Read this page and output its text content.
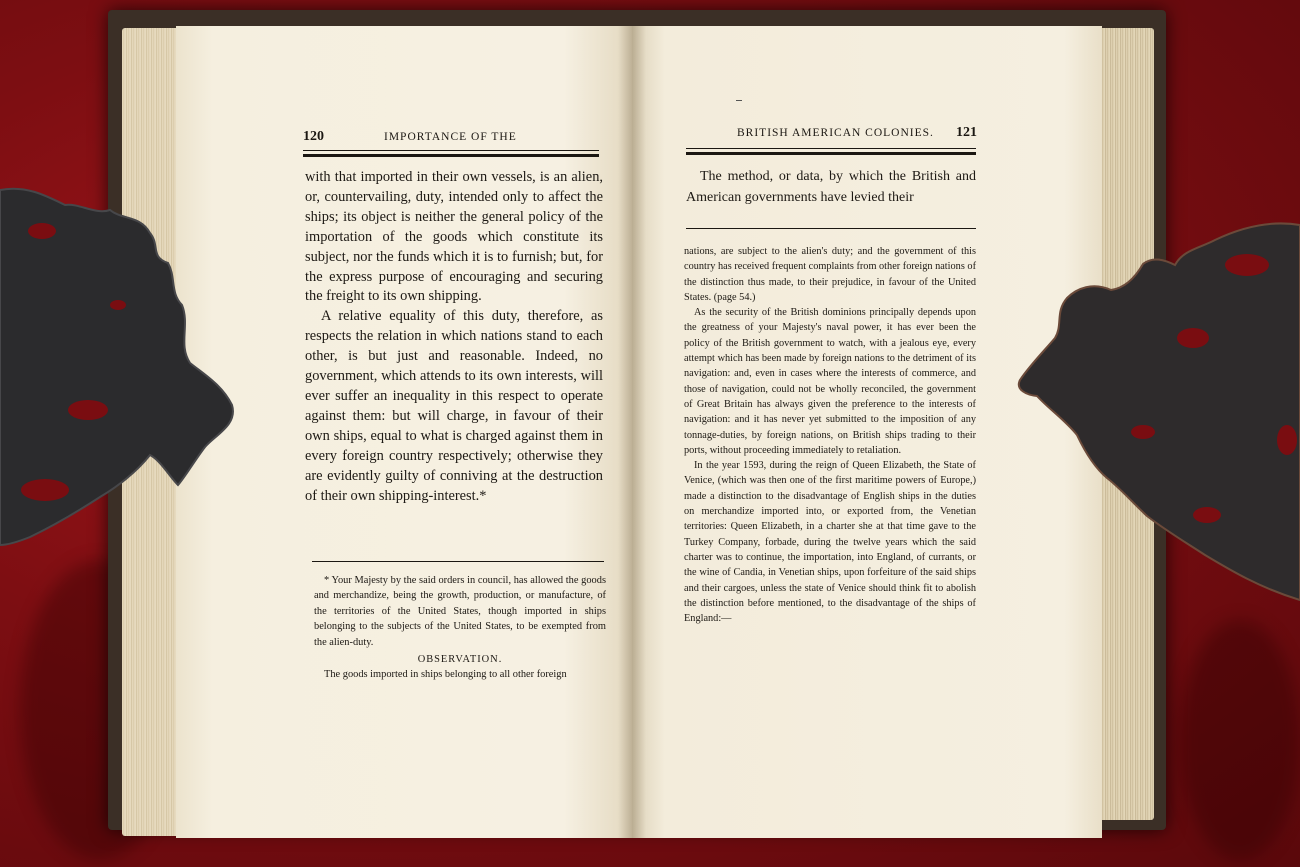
120	IMPORTANCE OF THE

with that imported in their own vessels, is an alien, or, countervailing, duty, intended only to affect the ships; its object is neither the general policy of the importation of the goods which constitute its subject, nor the funds which it is to furnish; but, for the express purpose of encouraging and securing the freight to its own shipping.

A relative equality of this duty, therefore, as respects the relation in which nations stand to each other, is but just and reasonable. Indeed, no government, which attends to its own interests, will ever suffer an inequality in this respect to operate against them: but will charge, in favour of their own ships, equal to what is charged against them in every foreign country respectively; otherwise they are evidently guilty of conniving at the destruction of their own shipping-interest.*

* Your Majesty by the said orders in council, has allowed the goods and merchandize, being the growth, production, or manufacture, of the territories of the United States, though imported in ships belonging to the subjects of the United States, to be exempted from the alien-duty.

OBSERVATION.

The goods imported in ships belonging to all other foreign

BRITISH AMERICAN COLONIES. 121

The method, or data, by which the British and American governments have levied their

nations, are subject to the alien's duty; and the government of this country has received frequent complaints from other foreign nations of the distinction thus made, to their prejudice, in favour of the United States. (page 54.)

As the security of the British dominions principally depends upon the greatness of your Majesty's naval power, it has ever been the policy of the British government to watch, with a jealous eye, every attempt which has been made by foreign nations to the detriment of its navigation: and, even in cases where the interests of commerce, and those of navigation, could not be wholly reconciled, the government of Great Britain has always given the preference to the interests of navigation: and it has never yet submitted to the imposition of any tonnage-duties, by foreign nations, on British ships trading to their ports, without proceeding immediately to retaliation.

In the year 1593, during the reign of Queen Elizabeth, the State of Venice, (which was then one of the first maritime powers of Europe,) made a distinction to the disadvantage of English ships in the duties on merchandize imported into, or exported from, the Venetian territories: Queen Elizabeth, in a charter she at that time gave to the Turkey Company, forbade, during the twelve years which the said charter was to continue, the importation, into England, of currants, or the wine of Candia, in Venetian ships, upon forfeiture of the said ships and their cargoes, unless the state of Venice should think fit to abolish the distinction before mentioned, to the disadvantage of the ships of England:—
